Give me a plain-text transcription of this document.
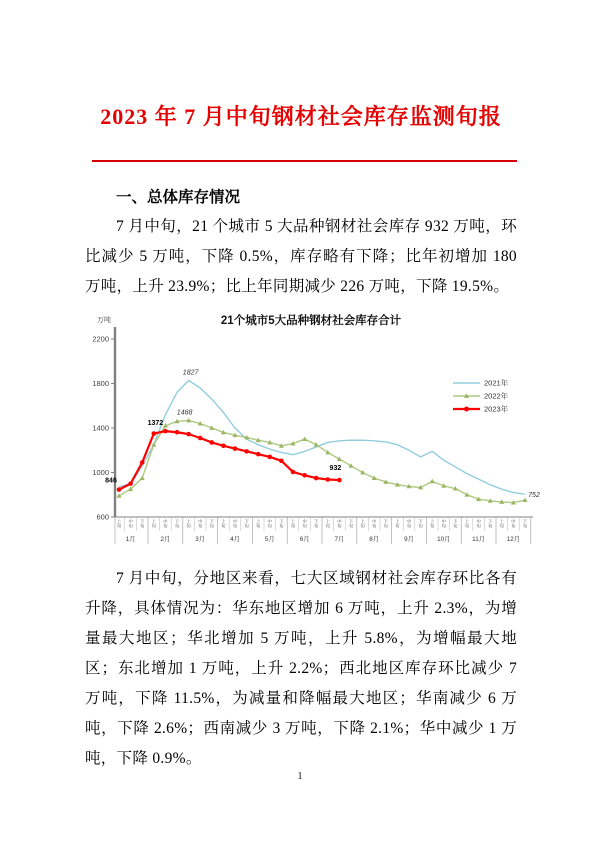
2023 年 7 月中旬钢材社会库存监测旬报
一、总体库存情况
7 月中旬，21 个城市 5 大品种钢材社会库存 932 万吨，环比减少 5 万吨，下降 0.5%，库存略有下降；比年初增加 180 万吨，上升 23.9%；比上年同期减少 226 万吨，下降 19.5%。
21个城市5大品种钢材社会库存合计
600
1000
1400
1800
2200
万吨
上旬
中旬
下旬
上旬
中旬
下旬
上旬
中旬
下旬
上旬
中旬
下旬
上旬
中旬
下旬
上旬
中旬
下旬
上旬
中旬
下旬
上旬
中旬
下旬
上旬
中旬
下旬
上旬
中旬
下旬
上旬
中旬
下旬
上旬
中旬
下旬
1月	2月	3月	4月	5月	6月	7月	8月	9月	10月	11月	12月
846
1372
1468
1827
932
752
2021年
2022年
2023年
7 月中旬，分地区来看，七大区域钢材社会库存环比各有升降，具体情况为：华东地区增加 6 万吨，上升 2.3%，为增量最大地区；华北增加 5 万吨，上升 5.8%，为增幅最大地区；东北增加 1 万吨，上升 2.2%；西北地区库存环比减少 7 万吨，下降 11.5%，为减量和降幅最大地区；华南减少 6 万吨，下降 2.6%；西南减少 3 万吨，下降 2.1%；华中减少 1 万吨，下降 0.9%。
1
